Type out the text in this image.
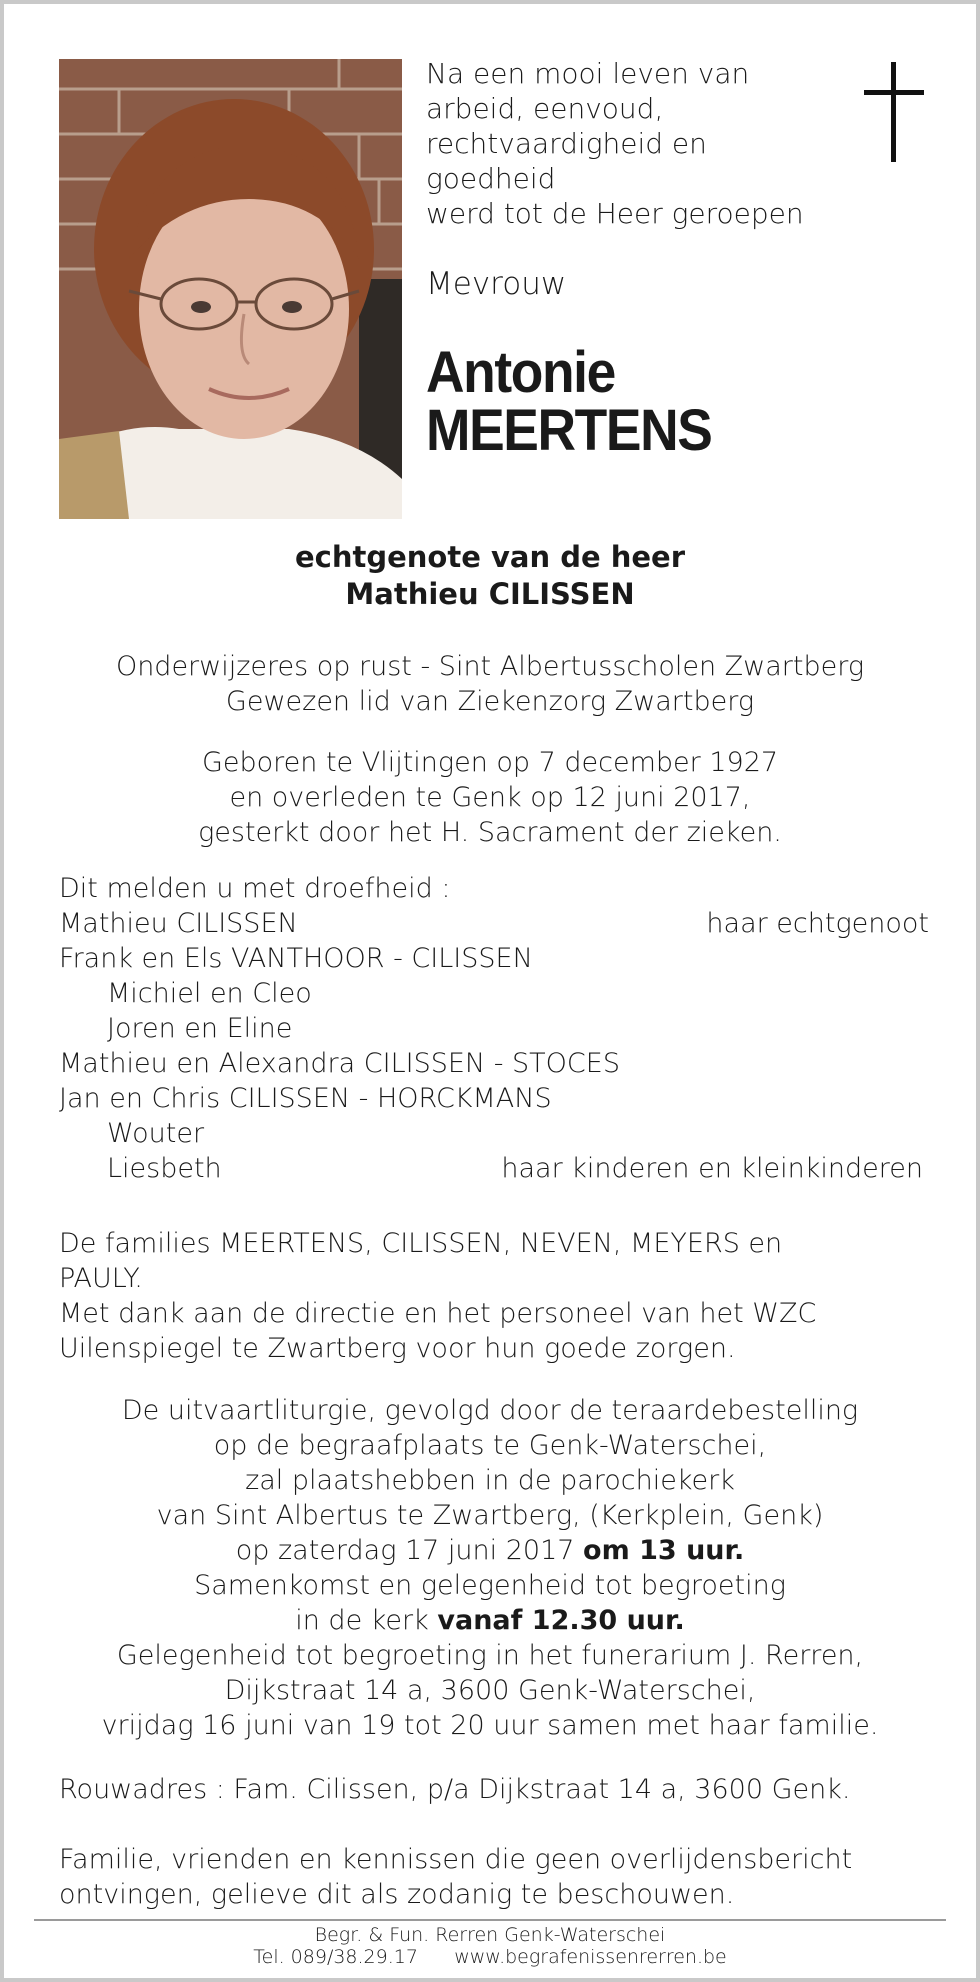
Na een mooi leven van
arbeid, eenvoud,
rechtvaardigheid en
goedheid
werd tot de Heer geroepen
Mevrouw
Antonie
MEERTENS
echtgenote van de heer
Mathieu CILISSEN
Onderwijzeres op rust - Sint Albertusscholen Zwartberg
Gewezen lid van Ziekenzorg Zwartberg
Geboren te Vlijtingen op 7 december 1927
en overleden te Genk op 12 juni 2017,
gesterkt door het H. Sacrament der zieken.
Dit melden u met droefheid :
Mathieu CILISSEN	haar echtgenoot
Frank en Els VANTHOOR - CILISSEN
Michiel en Cleo
Joren en Eline
Mathieu en Alexandra CILISSEN - STOCES
Jan en Chris CILISSEN - HORCKMANS
Wouter
Liesbeth	haar kinderen en kleinkinderen
De families MEERTENS, CILISSEN, NEVEN, MEYERS en
PAULY.
Met dank aan de directie en het personeel van het WZC
Uilenspiegel te Zwartberg voor hun goede zorgen.
De uitvaartliturgie, gevolgd door de teraardebestelling
op de begraafplaats te Genk-Waterschei,
zal plaatshebben in de parochiekerk
van Sint Albertus te Zwartberg, (Kerkplein, Genk)
op zaterdag 17 juni 2017 om 13 uur.
Samenkomst en gelegenheid tot begroeting
in de kerk vanaf 12.30 uur.
Gelegenheid tot begroeting in het funerarium J. Rerren,
Dijkstraat 14 a, 3600 Genk-Waterschei,
vrijdag 16 juni van 19 tot 20 uur samen met haar familie.
Rouwadres : Fam. Cilissen, p/a Dijkstraat 14 a, 3600 Genk.
Familie, vrienden en kennissen die geen overlijdensbericht
ontvingen, gelieve dit als zodanig te beschouwen.
Begr. & Fun. Rerren Genk-Waterschei
Tel. 089/38.29.17      www.begrafenissenrerren.be
